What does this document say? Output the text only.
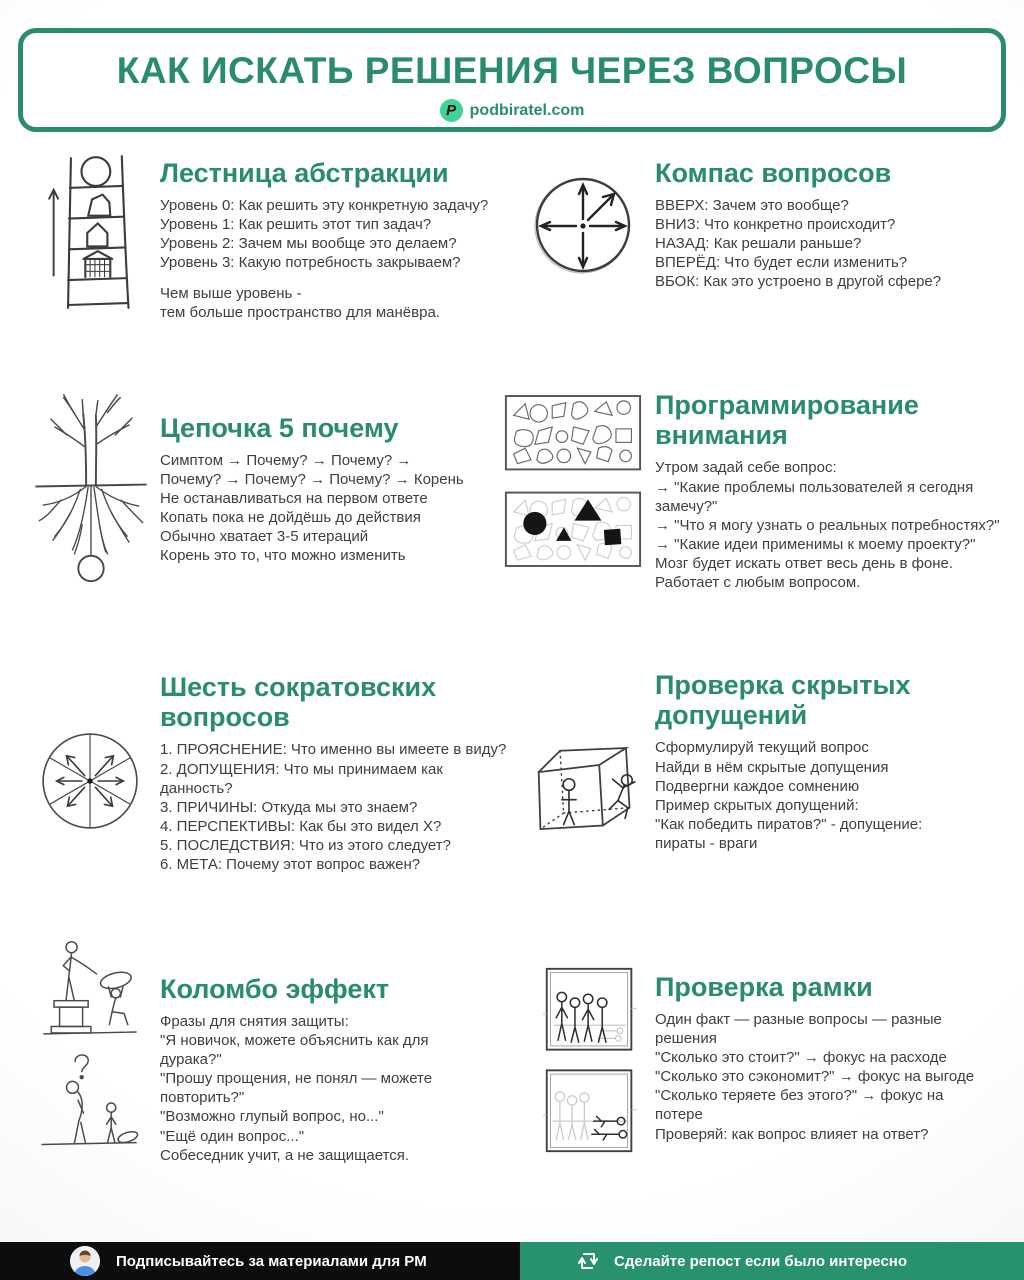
КАК ИСКАТЬ РЕШЕНИЯ ЧЕРЕЗ ВОПРОСЫ
P podbiratel.com
Лестница абстракции
Уровень 0: Как решить эту конкретную задачу?
Уровень 1: Как решить этот тип задач?
Уровень 2: Зачем мы вообще это делаем?
Уровень 3: Какую потребность закрываем?
Чем выше уровень -
тем больше пространство для манёвра.
Компас вопросов
ВВЕРХ: Зачем это вообще?
ВНИЗ: Что конкретно происходит?
НАЗАД: Как решали раньше?
ВПЕРЁД: Что будет если изменить?
ВБОК: Как это устроено в другой сфере?
Цепочка 5 почему
Симптом → Почему? → Почему? →
Почему? → Почему? → Почему? → Корень
Не останавливаться на первом ответе
Копать пока не дойдёшь до действия
Обычно хватает 3-5 итераций
Корень это то, что можно изменить
Программирование внимания
Утром задай себе вопрос:
→ "Какие проблемы пользователей я сегодня
замечу?"
→ "Что я могу узнать о реальных потребностях?"
→ "Какие идеи применимы к моему проекту?"
Мозг будет искать ответ весь день в фоне.
Работает с любым вопросом.
Шесть сократовских вопросов
1. ПРОЯСНЕНИЕ: Что именно вы имеете в виду?
2. ДОПУЩЕНИЯ: Что мы принимаем как
данность?
3. ПРИЧИНЫ: Откуда мы это знаем?
4. ПЕРСПЕКТИВЫ: Как бы это видел X?
5. ПОСЛЕДСТВИЯ: Что из этого следует?
6. МЕТА: Почему этот вопрос важен?
Проверка скрытых допущений
Сформулируй текущий вопрос
Найди в нём скрытые допущения
Подвергни каждое сомнению
Пример скрытых допущений:
"Как победить пиратов?" - допущение:
пираты - враги
Коломбо эффект
Фразы для снятия защиты:
"Я новичок, можете объяснить как для
дурака?"
"Прошу прощения, не понял — можете
повторить?"
"Возможно глупый вопрос, но..."
"Ещё один вопрос..."
Собеседник учит, а не защищается.
Проверка рамки
Один факт — разные вопросы — разные
решения
"Сколько это стоит?" → фокус на расходе
"Сколько это сэкономит?" → фокус на выгоде
"Сколько теряете без этого?" → фокус на
потере
Проверяй: как вопрос влияет на ответ?
Подписывайтесь за материалами для PM	Сделайте репост если было интересно
